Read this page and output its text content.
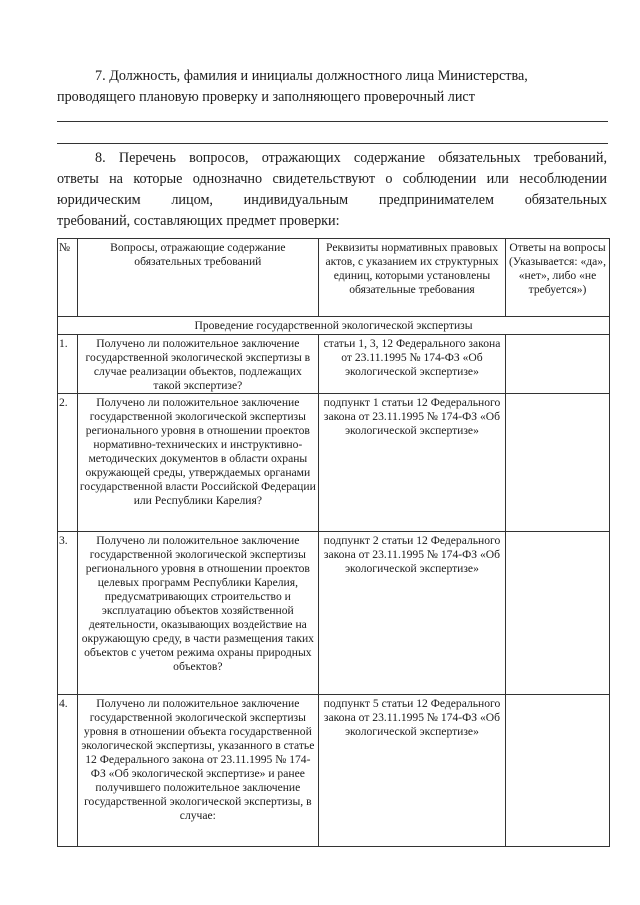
7. Должность, фамилия и инициалы должностного лица Министерства,

проводящего плановую проверку и заполняющего проверочный лист

8. Перечень вопросов, отражающих содержание обязательных требований,

ответы на которые однозначно свидетельствуют о соблюдении или несоблюдении

юридическим лицом, индивидуальным предпринимателем обязательных

требований, составляющих предмет проверки:

№	Вопросы, отражающие содержание обязательных требований	Реквизиты нормативных правовых актов, с указанием их структурных единиц, которыми установлены обязательные требования	Ответы на вопросы (Указывается: «да», «нет», либо «не требуется»)
Проведение государственной экологической экспертизы			
1.	Получено ли положительное заключение государственной экологической экспертизы в случае реализации объектов, подлежащих такой экспертизе?	статьи 1, 3, 12 Федерального закона от 23.11.1995 № 174-ФЗ «Об экологической экспертизе»	
2.	Получено ли положительное заключение государственной экологической экспертизы регионального уровня в отношении проектов нормативно-технических и инструктивно-методических документов в области охраны окружающей среды, утверждаемых органами государственной власти Российской Федерации или Республики Карелия?	подпункт 1 статьи 12 Федерального закона от 23.11.1995 № 174-ФЗ «Об экологической экспертизе»	
3.	Получено ли положительное заключение государственной экологической экспертизы регионального уровня в отношении проектов целевых программ Республики Карелия, предусматривающих строительство и эксплуатацию объектов хозяйственной деятельности, оказывающих воздействие на окружающую среду, в части размещения таких объектов с учетом режима охраны природных объектов?	подпункт 2 статьи 12 Федерального закона от 23.11.1995 № 174-ФЗ «Об экологической экспертизе»	
4.	Получено ли положительное заключение государственной экологической экспертизы уровня в отношении объекта государственной экологической экспертизы, указанного в статье 12 Федерального закона от 23.11.1995 № 174-ФЗ «Об экологической экспертизе» и ранее получившего положительное заключение государственной экологической экспертизы, в случае:	подпункт 5 статьи 12 Федерального закона от 23.11.1995 № 174-ФЗ «Об экологической экспертизе»	
